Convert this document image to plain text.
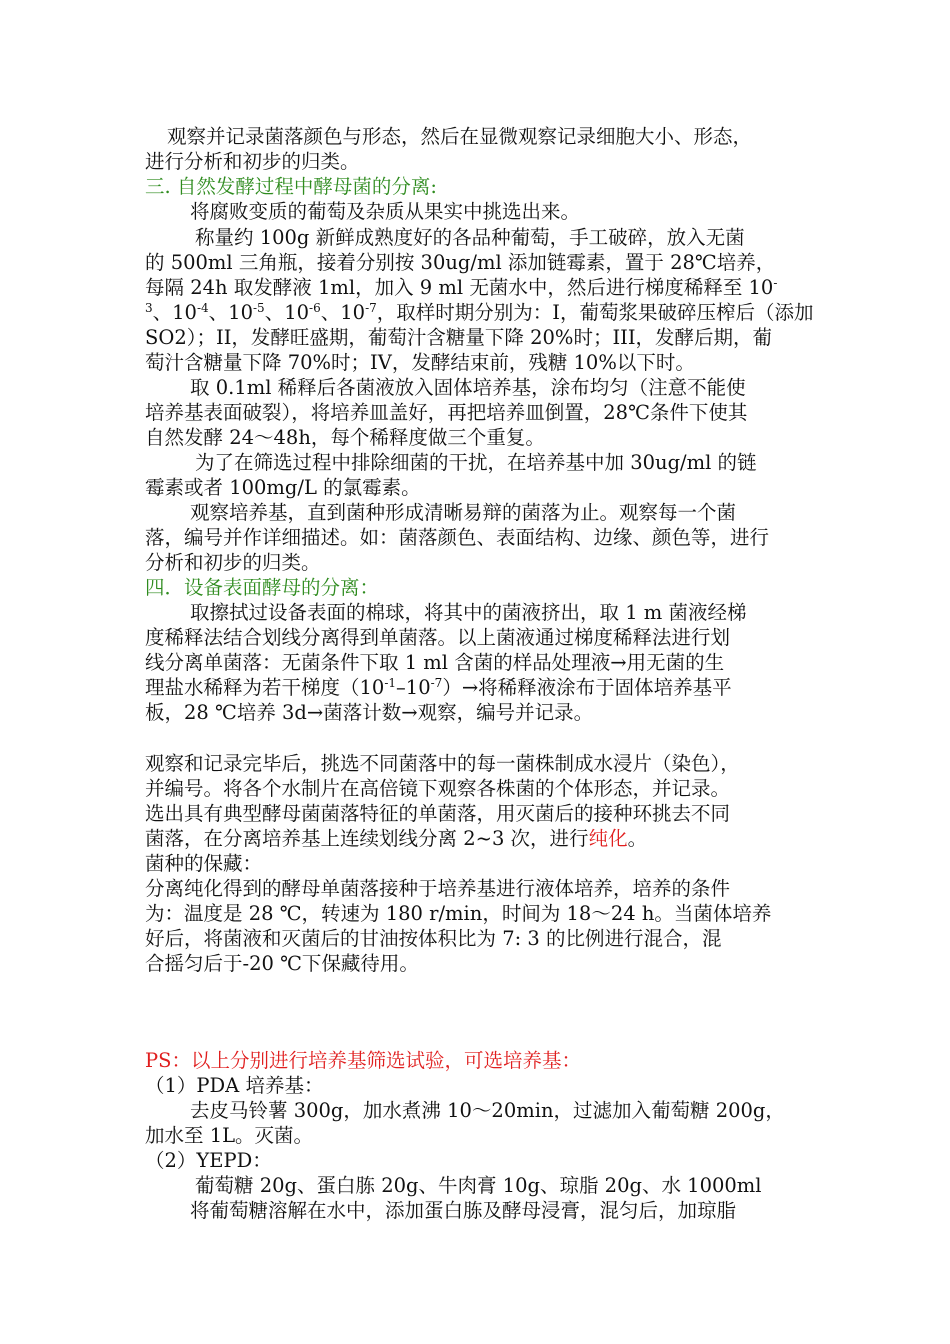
观察并记录菌落颜色与形态，然后在显微观察记录细胞大小、形态，
进行分析和初步的归类。
三. 自然发酵过程中酵母菌的分离:
将腐败变质的葡萄及杂质从果实中挑选出来。
称量约 100g 新鲜成熟度好的各品种葡萄，手工破碎，放入无菌
的 500ml 三角瓶，接着分别按 30ug/ml 添加链霉素，置于 28℃培养，
每隔 24h 取发酵液 1ml，加入 9 ml 无菌水中，然后进行梯度稀释至 10-
$^3$、$10^{-4}$、$10^{-5}$、$10^{-6}$、$10^{-7}$，取样时期分别为：I，葡萄浆果破碎压榨后（添加
SO2）；II，发酵旺盛期，葡萄汁含糖量下降 20%时；III，发酵后期，葡
萄汁含糖量下降 70%时；IV，发酵结束前，残糖 10%以下时。
取 0.1ml 稀释后各菌液放入固体培养基，涂布均匀（注意不能使
培养基表面破裂），将培养皿盖好，再把培养皿倒置，28℃条件下使其
自然发酵 24～48h，每个稀释度做三个重复。
为了在筛选过程中排除细菌的干扰，在培养基中加 30ug/ml 的链
霉素或者 100mg/L 的氯霉素。
观察培养基，直到菌种形成清晰易辩的菌落为止。观察每一个菌
落，编号并作详细描述。如：菌落颜色、表面结构、边缘、颜色等，进行
分析和初步的归类。
四．设备表面酵母的分离：
取擦拭过设备表面的棉球，将其中的菌液挤出，取 1 m 菌液经梯
度稀释法结合划线分离得到单菌落。以上菌液通过梯度稀释法进行划
线分离单菌落：无菌条件下取 1 ml 含菌的样品处理液→用无菌的生
理盐水稀释为若干梯度$(10^{-1}-10^{-7})\to$将稀释液涂布于固体培养基平
板，28 ℃培养 3d→菌落计数→观察，编号并记录。
观察和记录完毕后，挑选不同菌落中的每一菌株制成水浸片（染色），
并编号。将各个水制片在高倍镜下观察各株菌的个体形态，并记录。
选出具有典型酵母菌菌落特征的单菌落，用灭菌后的接种环挑去不同
菌落，在分离培养基上连续划线分离 2~3 次，进行纯化。
菌种的保藏：
分离纯化得到的酵母单菌落接种于培养基进行液体培养，培养的条件
为：温度是 28 ℃，转速为 180 r/min，时间为 18～24 h。当菌体培养
好后，将菌液和灭菌后的甘油按体积比为 7: 3 的比例进行混合，混
合摇匀后于-20 ℃下保藏待用。
PS：以上分别进行培养基筛选试验，可选培养基：
（1）PDA 培养基：
去皮马铃薯 300g，加水煮沸 10～20min，过滤加入葡萄糖 200g，
加水至 1L。灭菌。
（2）YEPD：
葡萄糖 20g、蛋白胨 20g、牛肉膏 10g、琼脂 20g、水 1000ml
将葡萄糖溶解在水中，添加蛋白胨及酵母浸膏，混匀后，加琼脂
